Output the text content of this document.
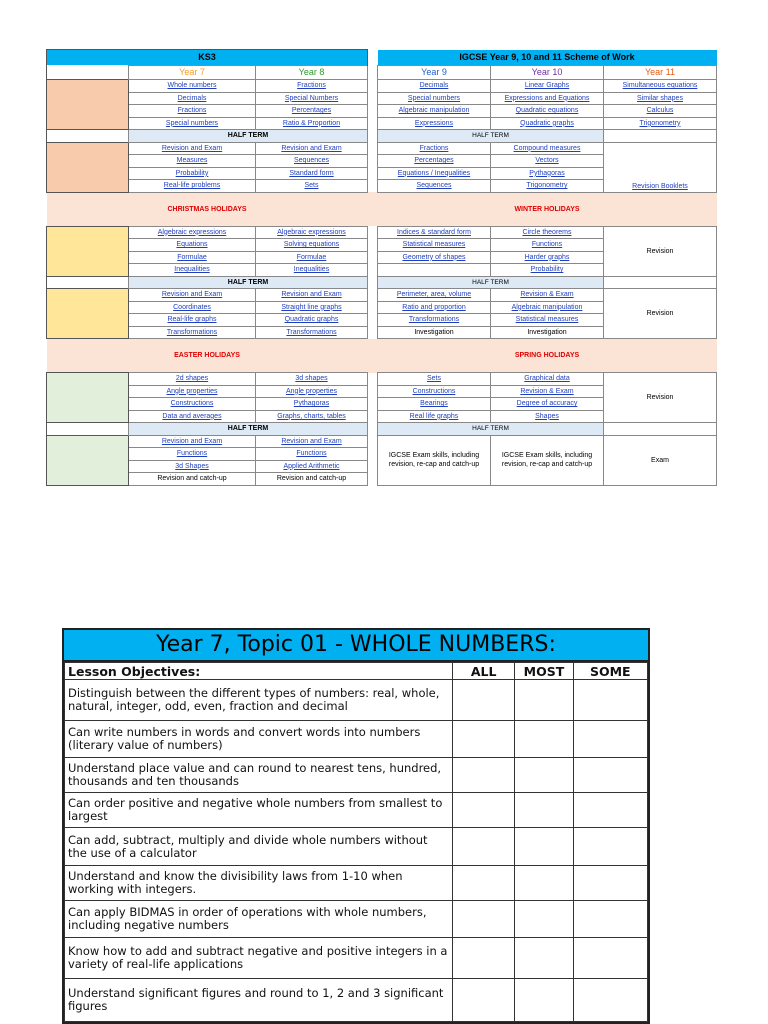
KS3				IGCSE Year 9, 10 and 11 Scheme of Work		
	Year 7	Year 8		Year 9	Year 10	Year 11
	Whole numbers	Fractions		Decimals	Linear Graphs	Simultaneous equations
	Decimals	Special Numbers		Special numbers	Expressions and Equations	Similar shapes
	Fractions	Percentages		Algebraic manipulation	Quadratic equations	Calculus
	Special numbers	Ratio & Proportion		Expressions	Quadratic graphs	Trigonometry
	HALF TERM			HALF TERM		
	Revision and Exam	Revision and Exam		Fractions	Compound measures	Revision Booklets
	Measures	Sequences		Percentages	Vectors	
	Probability	Standard form		Equations / Inequalities	Pythagoras	
	Real-life problems	Sets		Sequences	Trigonometry	
CHRISTMAS HOLIDAYS				WINTER HOLIDAYS		
	Algebraic expressions	Algebraic expressions		Indices & standard form	Circle theorems	Revision
	Equations	Solving equations		Statistical measures	Functions	
	Formulae	Formulae		Geometry of shapes	Harder graphs	
	Inequalities	Inequalities			Probability	
	HALF TERM			HALF TERM		
	Revision and Exam	Revision and Exam		Perimeter, area, volume	Revision & Exam	Revision
	Coordinates	Straight line graphs		Ratio and proportion	Algebraic manipulation	
	Real-life graphs	Quadratic graphs		Transformations	Statistical measures	
	Transformations	Transformations		Investigation	Investigation	
EASTER HOLIDAYS				SPRING HOLIDAYS		
	2d shapes	3d shapes		Sets	Graphical data	Revision
	Angle properties	Angle properties		Constructions	Revision & Exam	
	Constructions	Pythagoras		Bearings	Degree of accuracy	
	Data and averages	Graphs, charts, tables		Real life graphs	Shapes	
	HALF TERM			HALF TERM		
	Revision and Exam	Revision and Exam		IGCSE Exam skills, including revision, re-cap and catch-up	IGCSE Exam skills, including revision, re-cap and catch-up	Exam
	Functions	Functions				
	3d Shapes	Applied Arithmetic				
	Revision and catch-up	Revision and catch-up				
Year 7, Topic 01 - WHOLE NUMBERS:
Lesson Objectives:	ALL	MOST	SOME
Distinguish between the different types of numbers: real, whole, natural, integer, odd, even, fraction and decimal			
Can write numbers in words and convert words into numbers (literary value of numbers)			
Understand place value and can round to nearest tens, hundred, thousands and ten thousands			
Can order positive and negative whole numbers from smallest to largest			
Can add, subtract, multiply and divide whole numbers without the use of a calculator			
Understand and know the divisibility laws from 1-10 when working with integers.			
Can apply BIDMAS in order of operations with whole numbers, including negative numbers			
Know how to add and subtract negative and positive integers in a variety of real-life applications			
Understand significant figures and round to 1, 2 and 3 significant figures			
